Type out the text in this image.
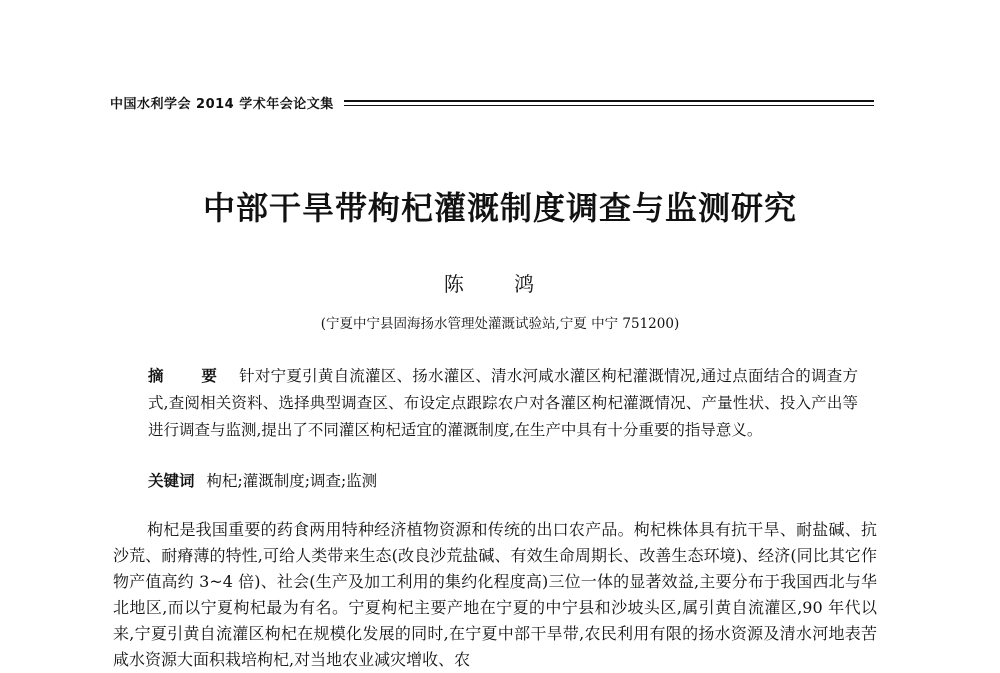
中国水利学会 2014 学术年会论文集
中部干旱带枸杞灌溉制度调查与监测研究
陈 鸿
(宁夏中宁县固海扬水管理处灌溉试验站,宁夏 中宁 751200)
摘 要 针对宁夏引黄自流灌区、扬水灌区、清水河咸水灌区枸杞灌溉情况,通过点面结合的调查方式,查阅相关资料、选择典型调查区、布设定点跟踪农户对各灌区枸杞灌溉情况、产量性状、投入产出等进行调查与监测,提出了不同灌区枸杞适宜的灌溉制度,在生产中具有十分重要的指导意义。
关键词 枸杞;灌溉制度;调查;监测
枸杞是我国重要的药食两用特种经济植物资源和传统的出口农产品。枸杞株体具有抗干旱、耐盐碱、抗沙荒、耐瘠薄的特性,可给人类带来生态(改良沙荒盐碱、有效生命周期长、改善生态环境)、经济(同比其它作物产值高约 3~4 倍)、社会(生产及加工利用的集约化程度高)三位一体的显著效益,主要分布于我国西北与华北地区,而以宁夏枸杞最为有名。宁夏枸杞主要产地在宁夏的中宁县和沙坡头区,属引黄自流灌区,90 年代以来,宁夏引黄自流灌区枸杞在规模化发展的同时,在宁夏中部干旱带,农民利用有限的扬水资源及清水河地表苦咸水资源大面积栽培枸杞,对当地农业减灾增收、农
